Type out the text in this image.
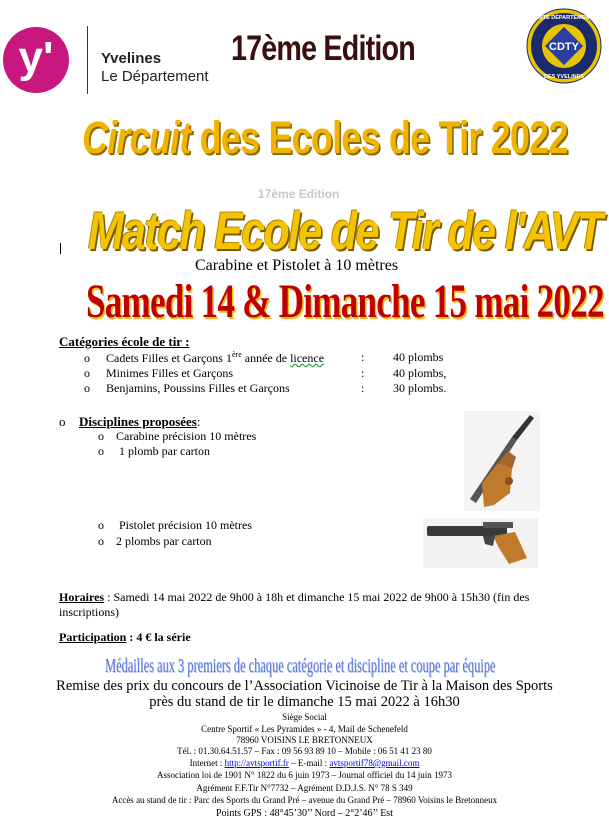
y'	Yvelines
Le Département
17ème Edition	CDTY
COMITÉ DÉPARTEMENTAL
DES YVELINES
Circuit des Ecoles de Tir 2022
17ème Edition
Match Ecole de Tir de l'AVT
Carabine et Pistolet à 10 mètres
Samedi 14 & Dimanche 15 mai 2022
Catégories école de tir :
o Cadets Filles et Garçons 1ère année de licence	: 40 plombs
o Minimes Filles et Garçons	: 40 plombs,
o Benjamins, Poussins Filles et Garçons	: 30 plombs.
o Disciplines proposées:
o Carabine précision 10 mètres
o 1 plomb par carton
o Pistolet précision 10 mètres
o 2 plombs par carton
Horaires : Samedi 14 mai 2022 de 9h00 à 18h et dimanche 15 mai 2022 de 9h00 à 15h30 (fin des
inscriptions)
Participation : 4 € la série
Médailles aux 3 premiers de chaque catégorie et discipline et coupe par équipe
Remise des prix du concours de l’Association Vicinoise de Tir à la Maison des Sports
près du stand de tir le dimanche 15 mai 2022 à 16h30
Siège Social
Centre Sportif « Les Pyramides » - 4, Mail de Schenefeld
78960 VOISINS LE BRETONNEUX
Tél. : 01.30.64.51.57 – Fax : 09 56 93 89 10 – Mobile : 06 51 41 23 80
Internet : http://avtsportif.fr – E-mail : avtsportif78@gmail.com
Association loi de 1901 N° 1822 du 6 juin 1973 – Journal officiel du 14 juin 1973
Agrément F.F.Tir N°7732 – Agrément D.D.J.S. N° 78 S 349
Accès au stand de tir : Parc des Sports du Grand Pré – avenue du Grand Pré – 78960 Voisins le Bretonneux
Points GPS : 48°45’30’’ Nord – 2°2’46’’ Est
